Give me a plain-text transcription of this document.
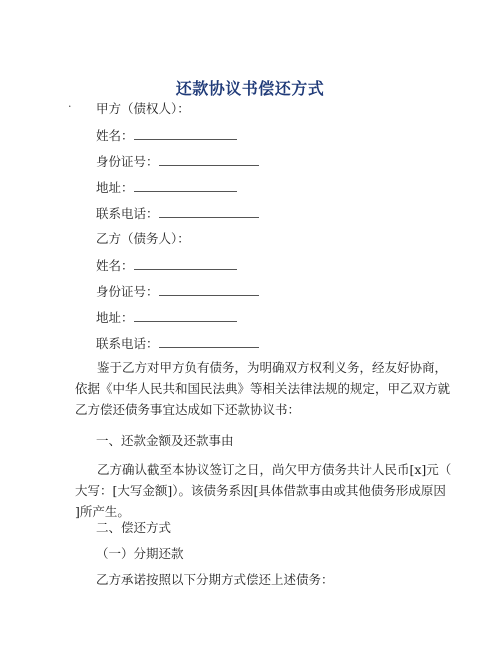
还款协议书偿还方式
· 甲方（债权人）：
姓名：
身份证号：
地址：
联系电话：
乙方（债务人）：
姓名：
身份证号：
地址：
联系电话：
鉴于乙方对甲方负有债务，为明确双方权利义务，经友好协商，
依据《中华人民共和国民法典》等相关法律法规的规定，甲乙双方就
乙方偿还债务事宜达成如下还款协议书：
一、还款金额及还款事由
乙方确认截至本协议签订之日，尚欠甲方债务共计人民币[x]元（
大写：[大写金额]）。该债务系因[具体借款事由或其他债务形成原因
]所产生。
二、偿还方式
（一）分期还款
乙方承诺按照以下分期方式偿还上述债务：
